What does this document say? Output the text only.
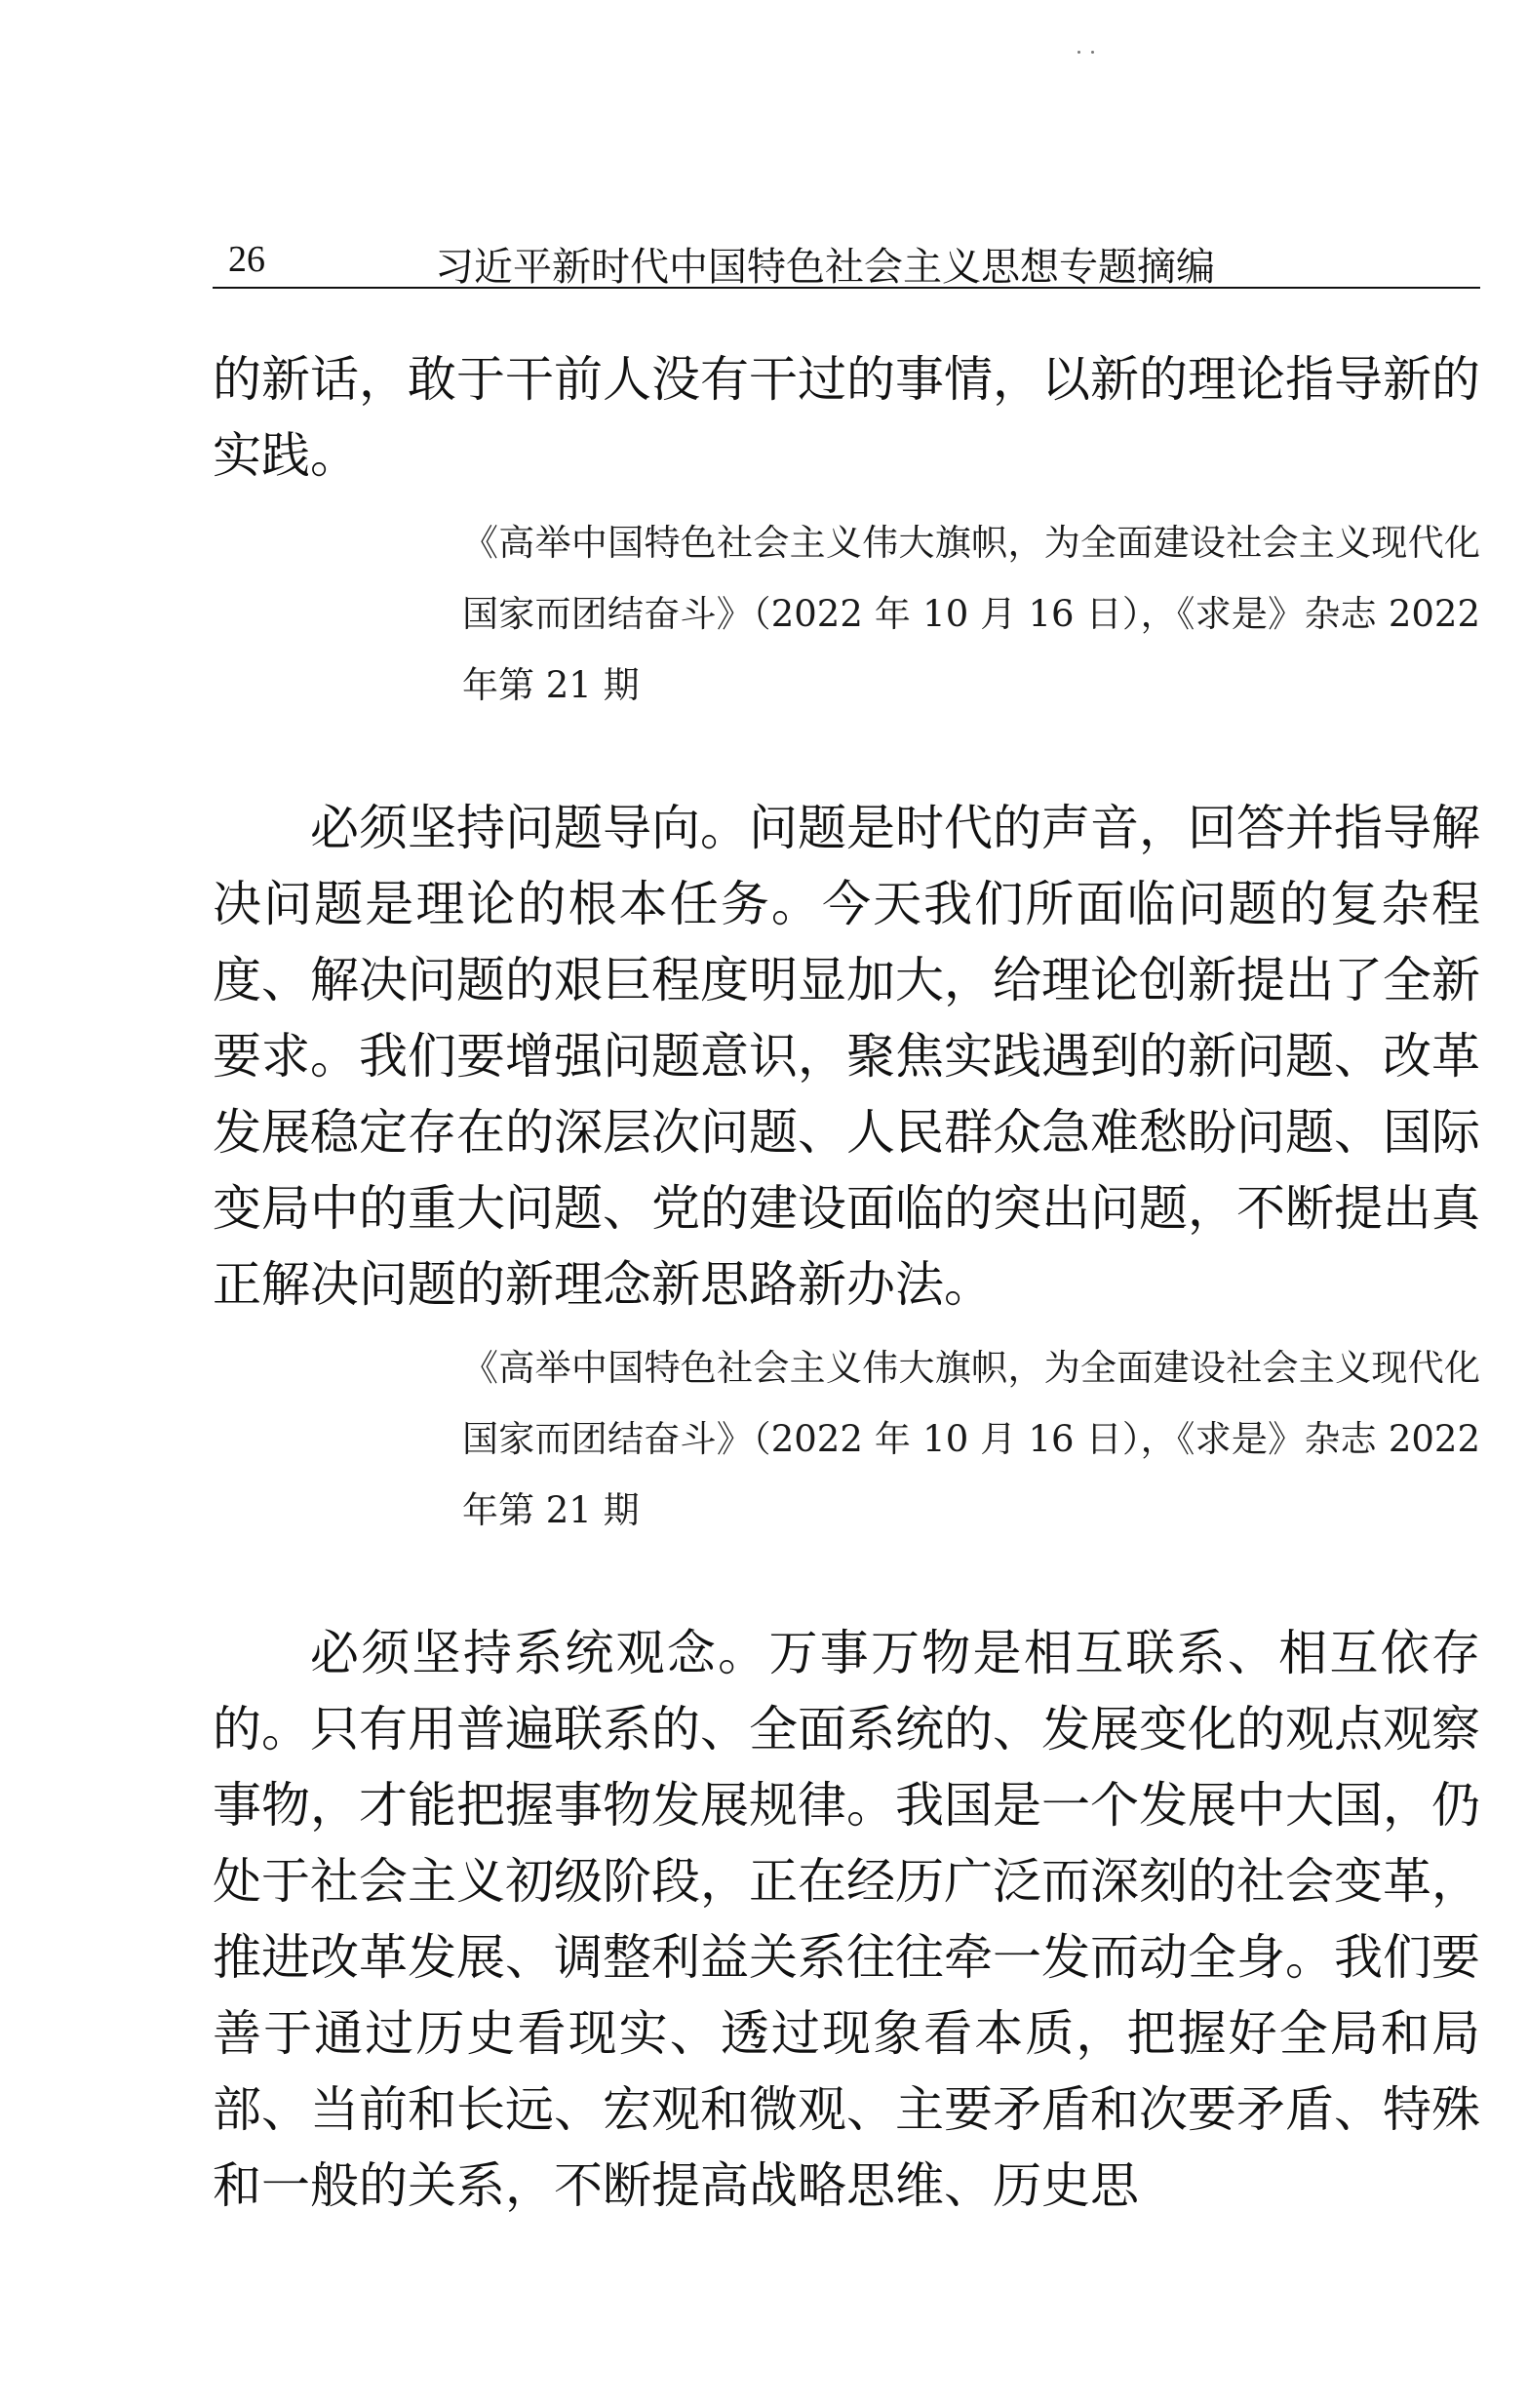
26	习近平新时代中国特色社会主义思想专题摘编

的新话，敢于干前人没有干过的事情，以新的理论指导新的实践。

《高举中国特色社会主义伟大旗帜，为全面建设社会主义现代化国家而团结奋斗》（2022 年 10 月 16 日），《求是》杂志 2022 年第 21 期

必须坚持问题导向。问题是时代的声音，回答并指导解决问题是理论的根本任务。今天我们所面临问题的复杂程度、解决问题的艰巨程度明显加大，给理论创新提出了全新要求。我们要增强问题意识，聚焦实践遇到的新问题、改革发展稳定存在的深层次问题、人民群众急难愁盼问题、国际变局中的重大问题、党的建设面临的突出问题，不断提出真正解决问题的新理念新思路新办法。

《高举中国特色社会主义伟大旗帜，为全面建设社会主义现代化国家而团结奋斗》（2022 年 10 月 16 日），《求是》杂志 2022 年第 21 期

必须坚持系统观念。万事万物是相互联系、相互依存的。只有用普遍联系的、全面系统的、发展变化的观点观察事物，才能把握事物发展规律。我国是一个发展中大国，仍处于社会主义初级阶段，正在经历广泛而深刻的社会变革，推进改革发展、调整利益关系往往牵一发而动全身。我们要善于通过历史看现实、透过现象看本质，把握好全局和局部、当前和长远、宏观和微观、主要矛盾和次要矛盾、特殊和一般的关系，不断提高战略思维、历史思
